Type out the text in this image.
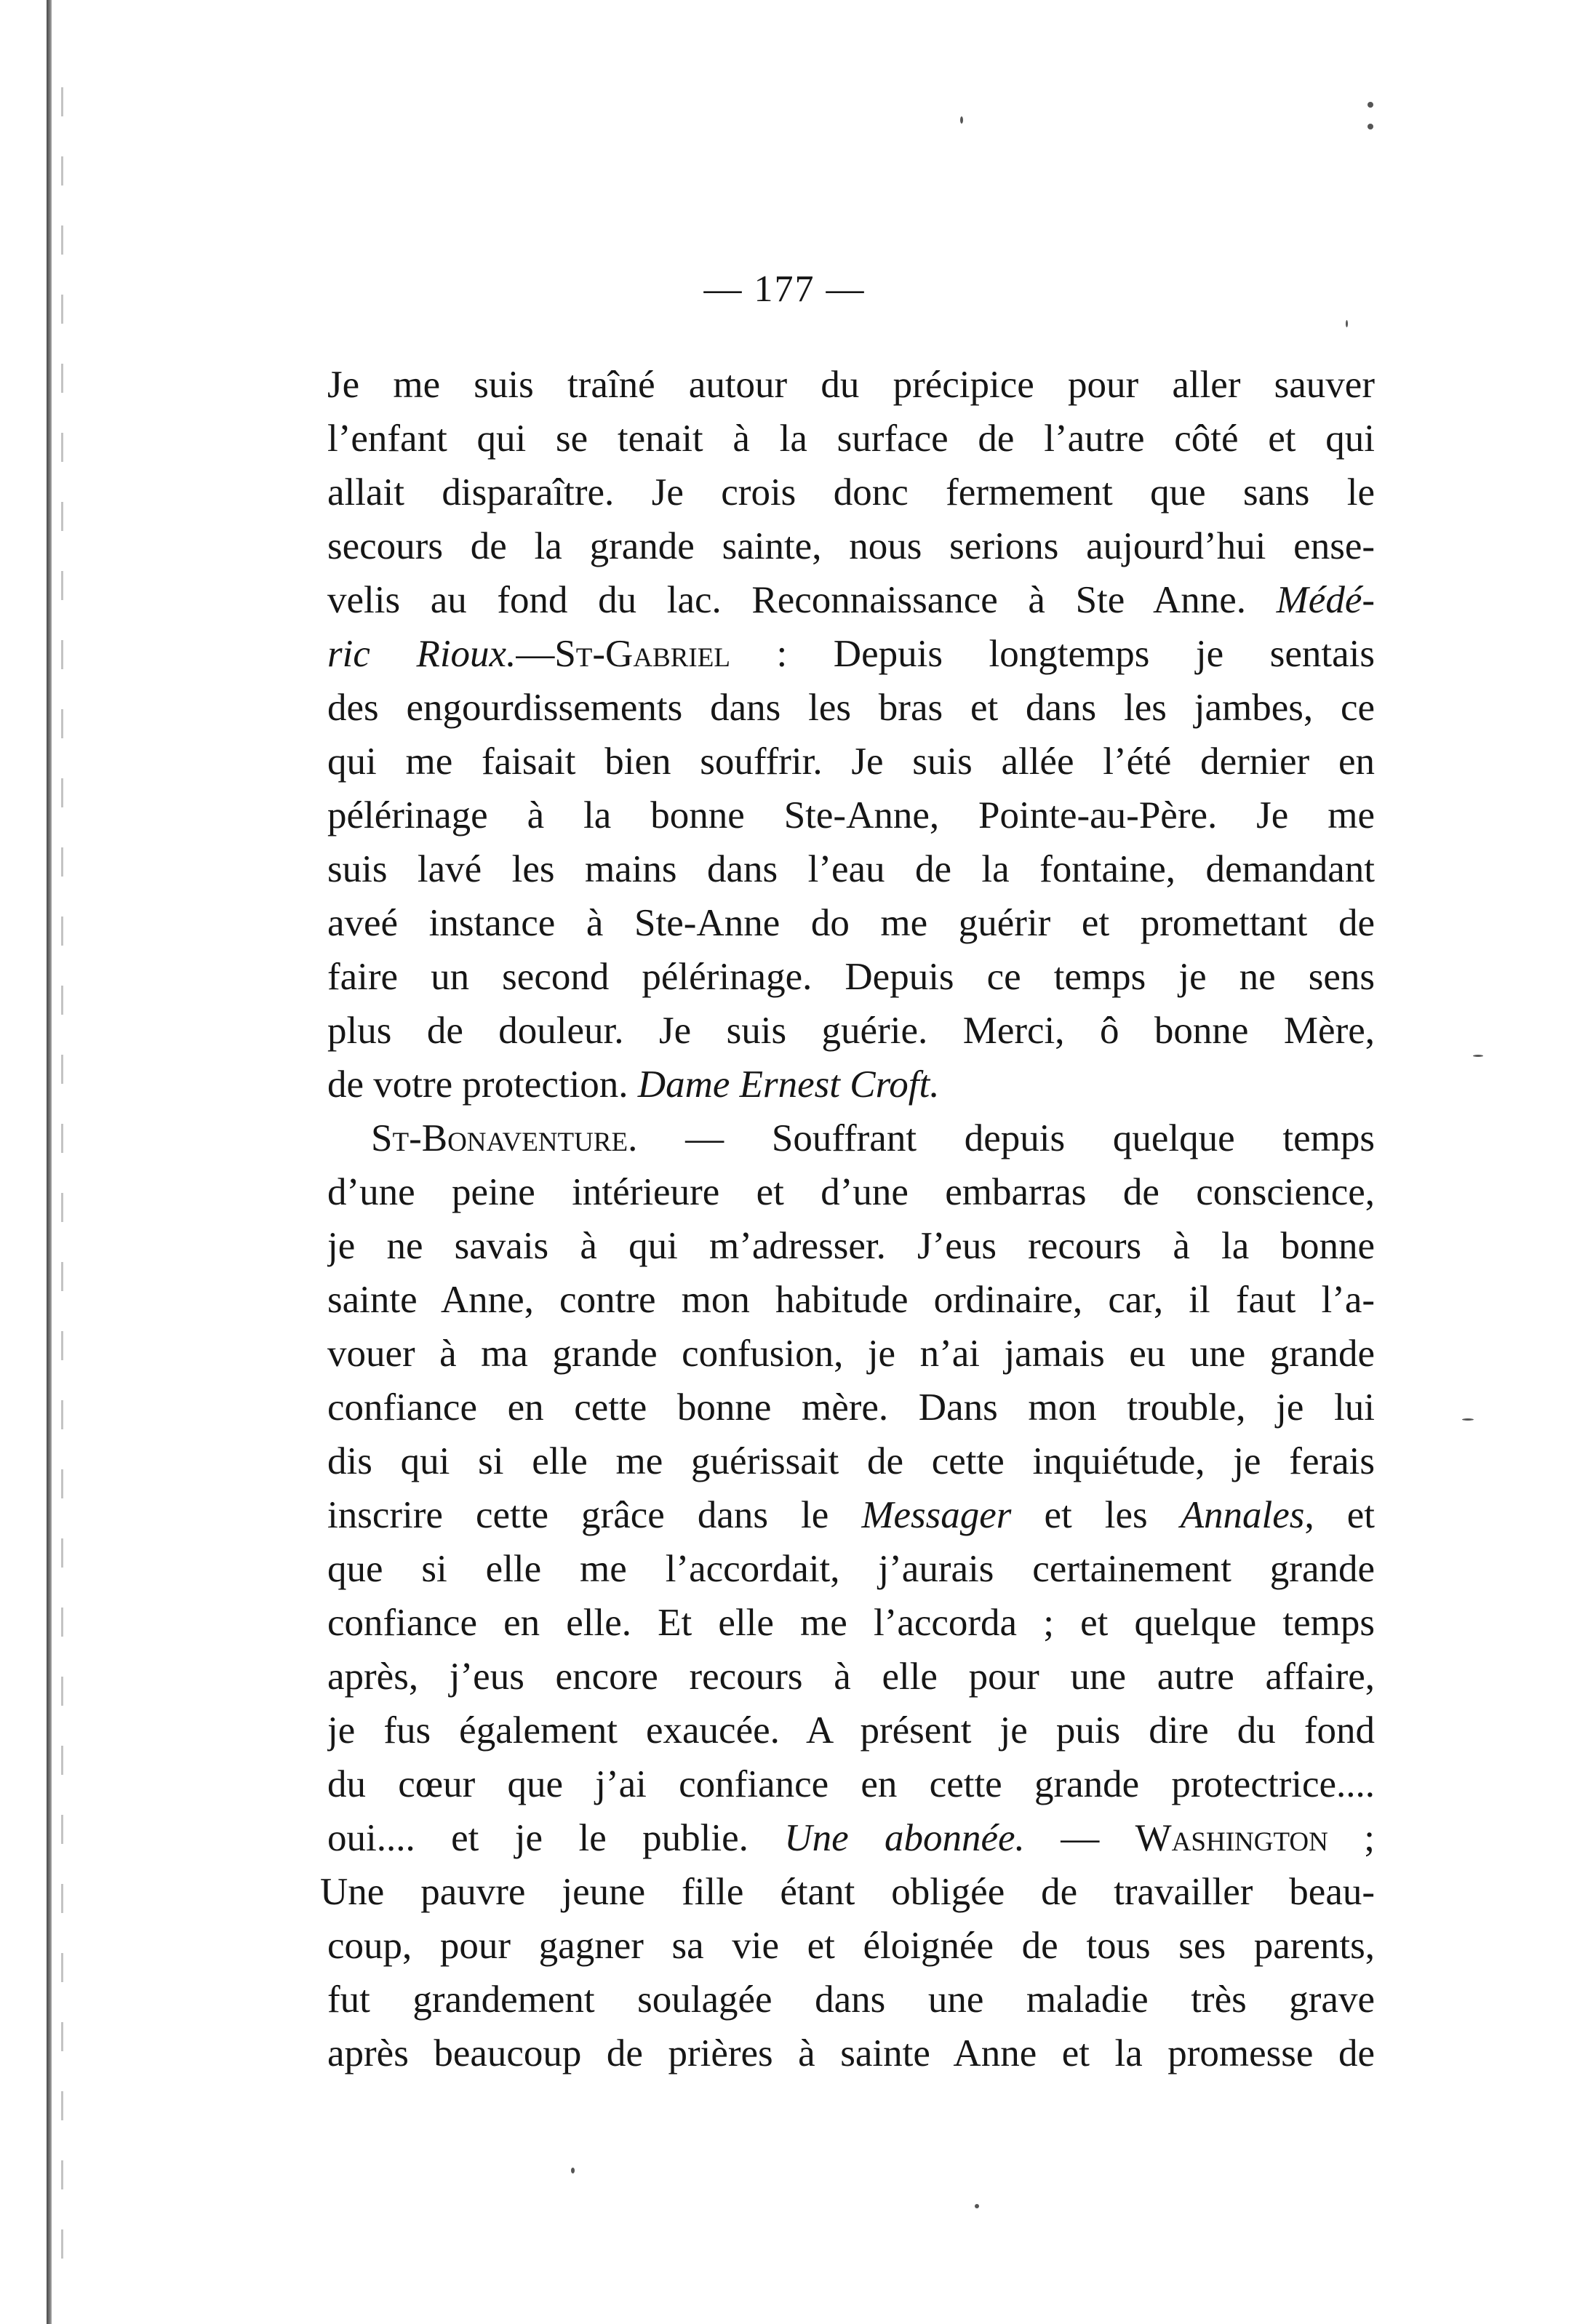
— 177 —
Je me suis traîné autour du précipice pour aller sauver
l’enfant qui se tenait à la surface de l’autre côté et qui
allait disparaître. Je crois donc fermement que sans le
secours de la grande sainte, nous serions aujourd’hui ense-
velis au fond du lac. Reconnaissance à Ste Anne. Médé-
ric Rioux.—St-Gabriel : Depuis longtemps je sentais
des engourdissements dans les bras et dans les jambes, ce
qui me faisait bien souffrir. Je suis allée l’été dernier en
pélérinage à la bonne Ste-Anne, Pointe-au-Père. Je me
suis lavé les mains dans l’eau de la fontaine, demandant
aveé instance à Ste-Anne do me guérir et promettant de
faire un second pélérinage. Depuis ce temps je ne sens
plus de douleur. Je suis guérie. Merci, ô bonne Mère,
de votre protection. Dame Ernest Croft.
St-Bonaventure. — Souffrant depuis quelque temps
d’une peine intérieure et d’une embarras de conscience,
je ne savais à qui m’adresser. J’eus recours à la bonne
sainte Anne, contre mon habitude ordinaire, car, il faut l’a-
vouer à ma grande confusion, je n’ai jamais eu une grande
confiance en cette bonne mère. Dans mon trouble, je lui
dis qui si elle me guérissait de cette inquiétude, je ferais
inscrire cette grâce dans le Messager et les Annales, et
que si elle me l’accordait, j’aurais certainement grande
confiance en elle. Et elle me l’accorda ; et quelque temps
après, j’eus encore recours à elle pour une autre affaire,
je fus également exaucée. A présent je puis dire du fond
du cœur que j’ai confiance en cette grande protectrice....
oui.... et je le publie. Une abonnée. — Washington ;
Une pauvre jeune fille étant obligée de travailler beau-
coup, pour gagner sa vie et éloignée de tous ses parents,
fut grandement soulagée dans une maladie très grave
après beaucoup de prières à sainte Anne et la promesse de
